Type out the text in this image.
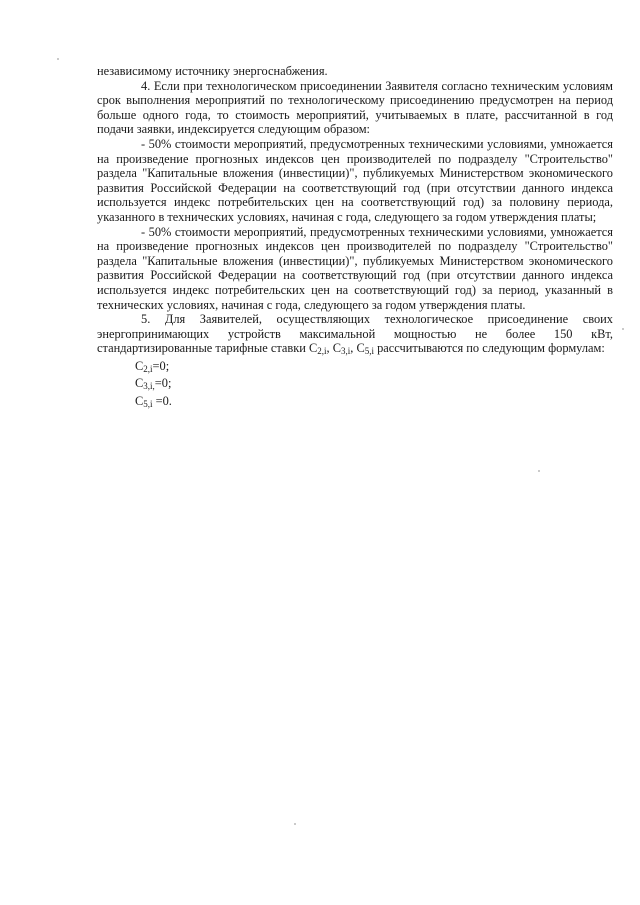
независимому источнику энергоснабжения.

4. Если при технологическом присоединении Заявителя согласно техническим условиям срок выполнения мероприятий по технологическому присоединению предусмотрен на период больше одного года, то стоимость мероприятий, учитываемых в плате, рассчитанной в год подачи заявки, индексируется следующим образом:

- 50% стоимости мероприятий, предусмотренных техническими условиями, умножается на произведение прогнозных индексов цен производителей по подразделу "Строительство" раздела "Капитальные вложения (инвестиции)", публикуемых Министерством экономического развития Российской Федерации на соответствующий год (при отсутствии данного индекса используется индекс потребительских цен на соответствующий год) за половину периода, указанного в технических условиях, начиная с года, следующего за годом утверждения платы;

- 50% стоимости мероприятий, предусмотренных техническими условиями, умножается на произведение прогнозных индексов цен производителей по подразделу "Строительство" раздела "Капитальные вложения (инвестиции)", публикуемых Министерством экономического развития Российской Федерации на соответствующий год (при отсутствии данного индекса используется индекс потребительских цен на соответствующий год) за период, указанный в технических условиях, начиная с года, следующего за годом утверждения платы.

5. Для Заявителей, осуществляющих технологическое присоединение своих энергопринимающих устройств максимальной мощностью не более 150 кВт, стандартизированные тарифные ставки $C_{2,i}$, $C_{3,i}$, $C_{5,i}$ рассчитываются по следующим формулам:

$C_{2,i}=0$;

$C_{3,i,}=0$;

$C_{5,i} =0$.
